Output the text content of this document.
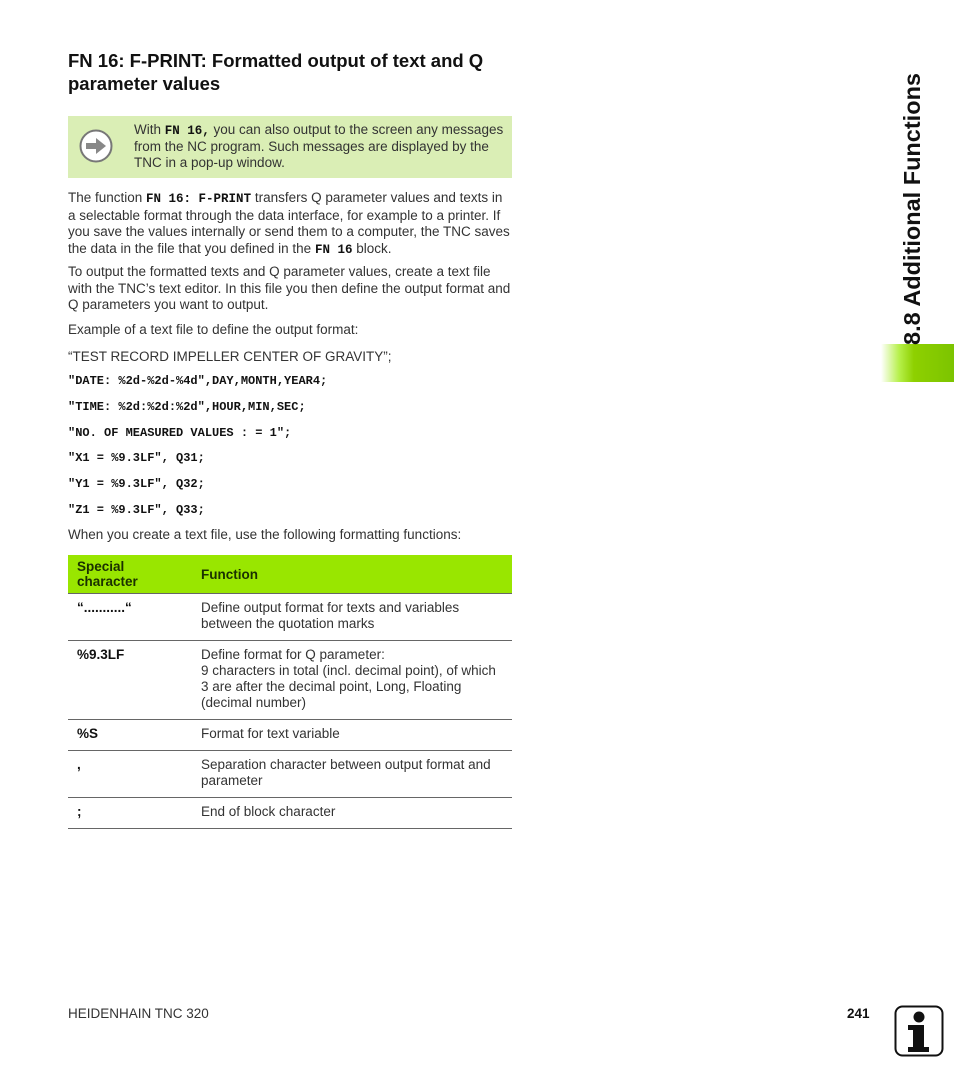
FN 16: F-PRINT: Formatted output of text and Q parameter values
With FN 16, you can also output to the screen any messages from the NC program. Such messages are displayed by the TNC in a pop-up window.
The function FN 16: F-PRINT transfers Q parameter values and texts in a selectable format through the data interface, for example to a printer. If you save the values internally or send them to a computer, the TNC saves the data in the file that you defined in the FN 16 block.
To output the formatted texts and Q parameter values, create a text file with the TNC’s text editor. In this file you then define the output format and Q parameters you want to output.
Example of a text file to define the output format:
“TEST RECORD IMPELLER CENTER OF GRAVITY”;
"DATE: %2d-%2d-%4d",DAY,MONTH,YEAR4;
"TIME: %2d:%2d:%2d",HOUR,MIN,SEC;
"NO. OF MEASURED VALUES : = 1";
"X1 = %9.3LF", Q31;
"Y1 = %9.3LF", Q32;
"Z1 = %9.3LF", Q33;
When you create a text file, use the following formatting functions:
Special character	Function
“...........“	Define output format for texts and variables between the quotation marks
%9.3LF	Define format for Q parameter:
9 characters in total (incl. decimal point), of which 3 are after the decimal point, Long, Floating (decimal number)
%S	Format for text variable
,	Separation character between output format and parameter
;	End of block character
8.8 Additional Functions
HEIDENHAIN TNC 320	241
